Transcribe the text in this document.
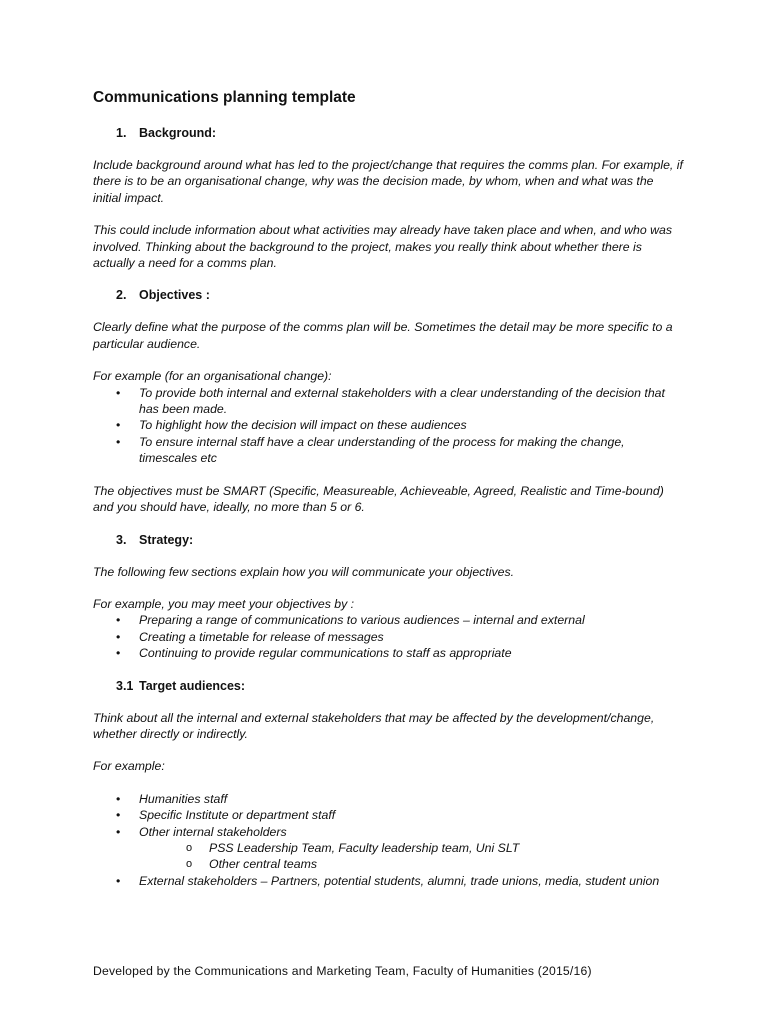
Communications planning template
1. Background:

Include background around what has led to the project/change that requires the comms plan. For example, if there is to be an organisational change, why was the decision made, by whom, when and what was the initial impact.

This could include information about what activities may already have taken place and when, and who was involved. Thinking about the background to the project, makes you really think about whether there is actually a need for a comms plan.

2. Objectives :

Clearly define what the purpose of the comms plan will be. Sometimes the detail may be more specific to a particular audience.

For example (for an organisational change):

• To provide both internal and external stakeholders with a clear understanding of the decision that has been made.
• To highlight how the decision will impact on these audiences
• To ensure internal staff have a clear understanding of the process for making the change, timescales etc

The objectives must be SMART (Specific, Measureable, Achieveable, Agreed, Realistic and Time-bound) and you should have, ideally, no more than 5 or 6.

3. Strategy:

The following few sections explain how you will communicate your objectives.

For example, you may meet your objectives by :

• Preparing a range of communications to various audiences – internal and external
• Creating a timetable for release of messages
• Continuing to provide regular communications to staff as appropriate
3.1 Target audiences:

Think about all the internal and external stakeholders that may be affected by the development/change, whether directly or indirectly.

For example:

• Humanities staff
• Specific Institute or department staff
• Other internal stakeholders
o PSS Leadership Team, Faculty leadership team, Uni SLT
o Other central teams
• External stakeholders – Partners, potential students, alumni, trade unions, media, student union
Developed by the Communications and Marketing Team, Faculty of Humanities (2015/16)
